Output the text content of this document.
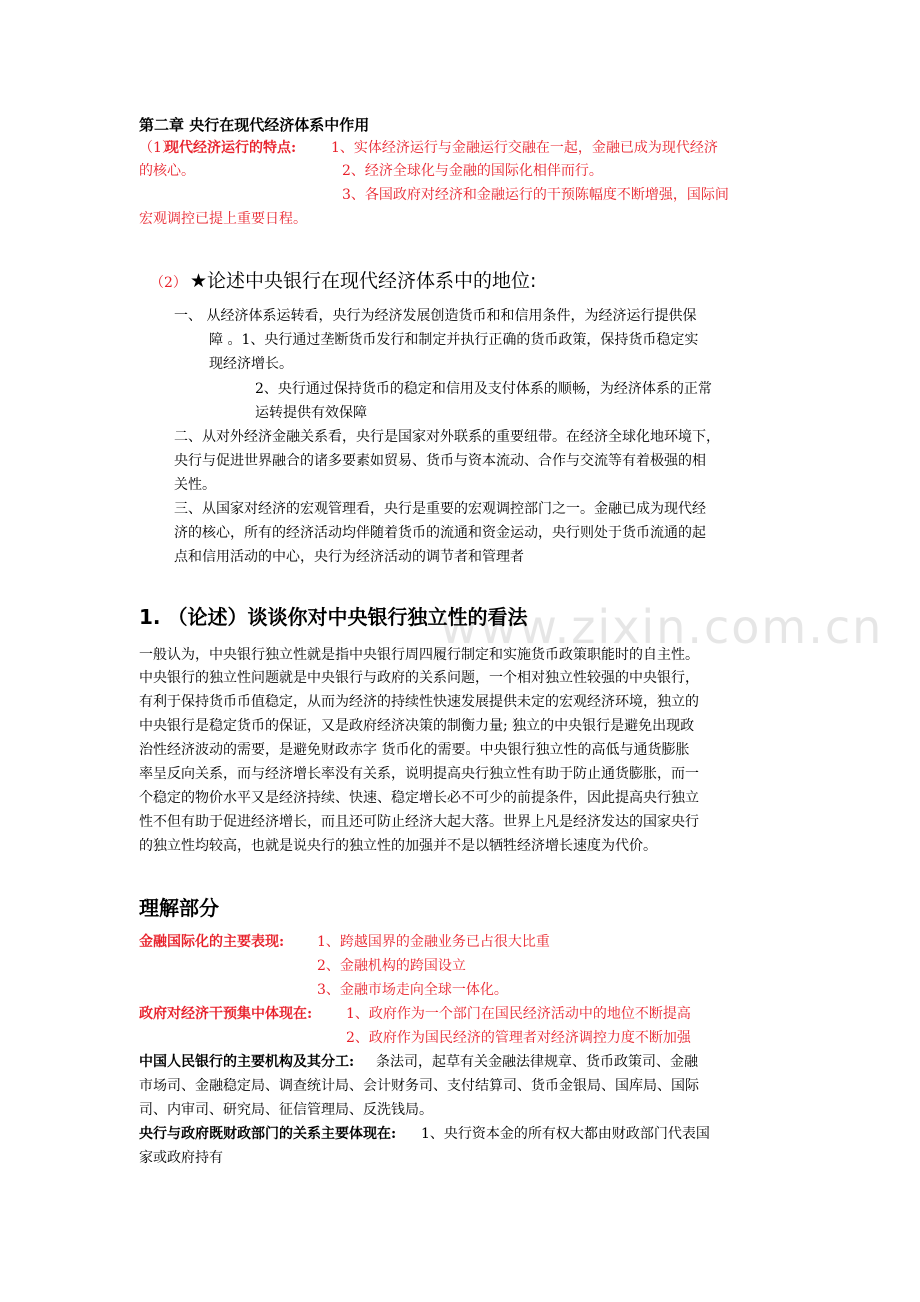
www.zixin.com.cn
第二章 央行在现代经济体系中作用
（1）
现代经济运行的特点: 1、实体经济运行与金融运行交融在一起，金融已成为现代经济
的核心。	2、经济全球化与金融的国际化相伴而行。
3、各国政府对经济和金融运行的干预陈幅度不断增强，国际间
宏观调控已提上重要日程。
（2） ★论述中央银行在现代经济体系中的地位:
一、 从经济体系运转看，央行为经济发展创造货币和和信用条件，为经济运行提供保
障 。1、央行通过垄断货币发行和制定并执行正确的货币政策，保持货币稳定实
现经济增长。
2、央行通过保持货币的稳定和信用及支付体系的顺畅，为经济体系的正常
运转提供有效保障
二、从对外经济金融关系看，央行是国家对外联系的重要纽带。在经济全球化地环境下，
央行与促进世界融合的诸多要素如贸易、货币与资本流动、合作与交流等有着极强的相
关性。
三、从国家对经济的宏观管理看，央行是重要的宏观调控部门之一。金融已成为现代经
济的核心，所有的经济活动均伴随着货币的流通和资金运动，央行则处于货币流通的起
点和信用活动的中心，央行为经济活动的调节者和管理者
1. （论述）谈谈你对中央银行独立性的看法
一般认为，中央银行独立性就是指中央银行周四履行制定和实施货币政策职能时的自主性。
中央银行的独立性问题就是中央银行与政府的关系问题，一个相对独立性较强的中央银行，
有利于保持货币币值稳定，从而为经济的持续性快速发展提供未定的宏观经济环境，独立的
中央银行是稳定货币的保证，又是政府经济决策的制衡力量; 独立的中央银行是避免出现政
治性经济波动的需要，是避免财政赤字 货币化的需要。中央银行独立性的高低与通货膨胀
率呈反向关系，而与经济增长率没有关系，说明提高央行独立性有助于防止通货膨胀，而一
个稳定的物价水平又是经济持续、快速、稳定增长必不可少的前提条件，因此提高央行独立
性不但有助于促进经济增长，而且还可防止经济大起大落。世界上凡是经济发达的国家央行
的独立性均较高，也就是说央行的独立性的加强并不是以牺牲经济增长速度为代价。
理解部分
金融国际化的主要表现: 1、跨越国界的金融业务已占很大比重
2、金融机构的跨国设立
3、金融市场走向全球一体化。
政府对经济干预集中体现在: 1、政府作为一个部门在国民经济活动中的地位不断提高
2、政府作为国民经济的管理者对经济调控力度不断加强
中国人民银行的主要机构及其分工: 条法司，起草有关金融法律规章、货币政策司、金融
市场司、金融稳定局、调查统计局、会计财务司、支付结算司、货币金银局、国库局、国际
司、内审司、研究局、征信管理局、反洗钱局。
央行与政府既财政部门的关系主要体现在: 1、央行资本金的所有权大都由财政部门代表国
家或政府持有
